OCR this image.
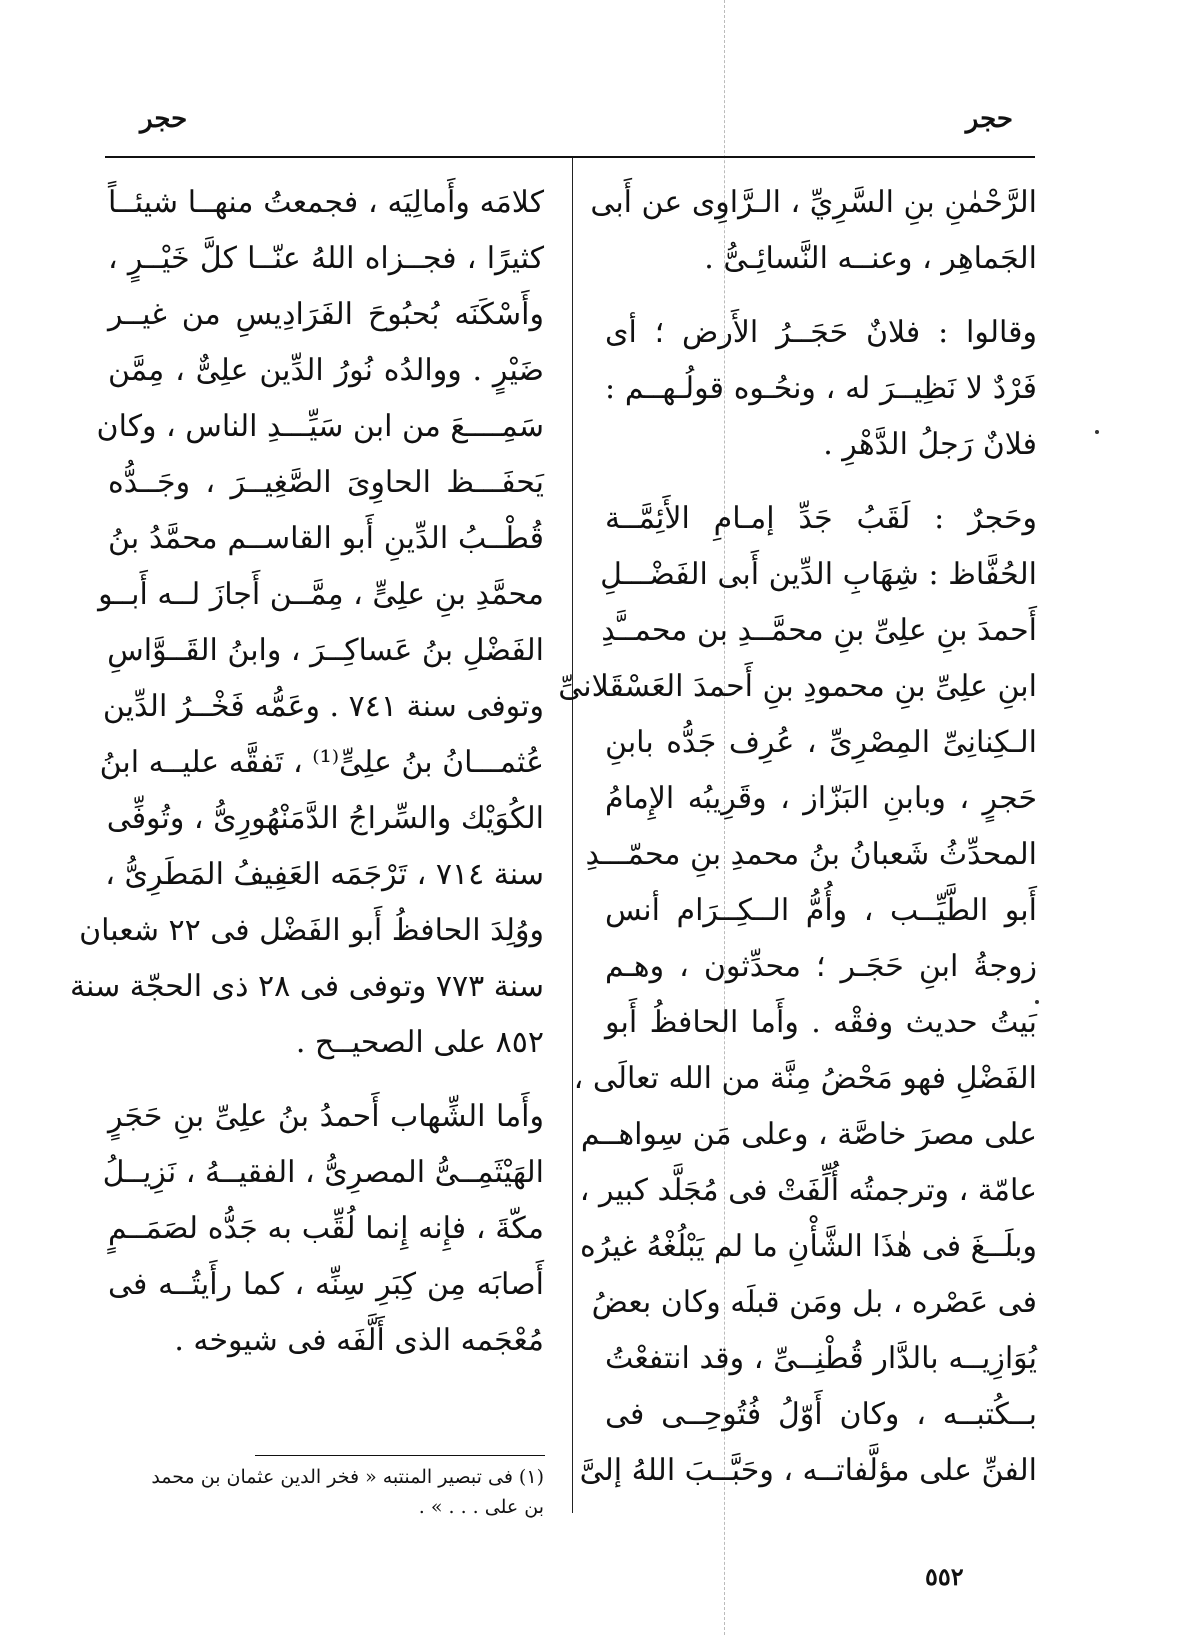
حجر
حجر
الرَّحْمٰنِ بنِ السَّرِيِّ ، الـرَّاوِى عن أَبى
الجَماهِر ، وعنــه النَّسائِـىُّ .
وقالوا : فلانٌ حَجَــرُ الأَرض ؛ أى
فَرْدٌ لا نَظِيــرَ له ، ونحُـوه قولُـهــم :
فلانٌ رَجلُ الدَّهْرِ .
وحَجرٌ : لَقَبُ جَدِّ إمـامِ الأَئِمَّــة
الحُفَّاظ : شِهَابِ الدِّين أَبى الفَضْـــلِ
أَحمدَ بنِ علِىِّ بنِ محمَّــدِ بن محمــَّدِ
ابنِ علِىِّ بنِ محمودِ بنِ أَحمدَ العَسْقَلانىِّ
الـكِنانِىِّ المِصْرِىِّ ، عُرِف جَدُّه بابنِ
حَجرٍ ، وبابنِ البَزّاز ، وقَرِيبُه الإِمامُ
المحدِّثُ شَعبانُ بنُ محمدِ بنِ محمّـــدِ
أَبو الطَّيِّــب ، وأُمُّ الــكِــرَام أنس
زوجةُ ابنِ حَجَـر ؛ محدِّثون ، وهـم
بَيتُ حديث وفقْه . وأَما الحافظُ أَبو
الفَضْلِ فهو مَحْضُ مِنَّة من الله تعالَى ،
على مصرَ خاصَّة ، وعلى مَن سِواهــم
عامّة ، وترجمتُه أُلِّفَتْ فى مُجَلَّد كبير ،
وبلَــغَ فى هٰذَا الشَّأْنِ ما لم يَبْلُغْهُ غيرُه
فى عَصْره ، بل ومَن قبلَه وكان بعضُ
يُوَازِيــه بالدَّار قُطْنِــىِّ ، وقد انتفعْتُ
بــكُتبــه ، وكان أَوّلُ فُتُوحِــى فى
الفنِّ على مؤلَّفاتــه ، وحَبَّــبَ اللهُ إلىَّ
كلامَه وأَمالِيَه ، فجمعتُ منهــا شيئــاً
كثيرًا ، فجــزاه اللهُ عنّــا كلَّ خَيْــرٍ ،
وأَسْكَنَه بُحبُوحَ الفَرَادِيسِ من غيــر
ضَيْرٍ . ووالدُه نُورُ الدِّين علِىٌّ ، مِمَّن
سَمِــــعَ من ابن سَيِّـــدِ الناس ، وكان
يَحفَـــظ الحاوِىَ الصَّغِيــرَ ، وجَــدُّه
قُطْــبُ الدِّينِ أَبو القاســم محمَّدُ بنُ
محمَّدِ بنِ علِىٍّ ، مِمَّــن أَجازَ لــه أَبــو
الفَضْلِ بنُ عَساكِــرَ ، وابنُ القَــوَّاسِ
وتوفى سنة ٧٤١ . وعَمُّه فَخْــرُ الدِّين
عُثمـــانُ بنُ علِىٍّ⁽¹⁾ ، تَفقَّه عليــه ابنُ
الكُوَيْك والسِّراجُ الدَّمَنْهُورِىُّ ، وتُوفِّى
سنة ٧١٤ ، تَرْجَمَه العَفِيفُ المَطَرِىُّ ،
ووُلِدَ الحافظُ أَبو الفَضْل فى ٢٢ شعبان
سنة ٧٧٣ وتوفى فى ٢٨ ذى الحجّة سنة
٨٥٢ على الصحيــح .
وأَما الشِّهاب أَحمدُ بنُ علِىِّ بنِ حَجَرٍ
الهَيْثَمِــىُّ المصرِىُّ ، الفقيــهُ ، نَزِيــلُ
مكّةَ ، فإِنه إِنما لُقِّب به جَدُّه لصَمَــمٍ
أَصابَه مِن كِبَرِ سِنِّه ، كما رأَيتُــه فى
مُعْجَمه الذى أَلَّفَه فى شيوخه .
(١) فى تبصير المنتبه « فخر الدين عثمان بن محمد
بن على . . . » .
٥٥٢
